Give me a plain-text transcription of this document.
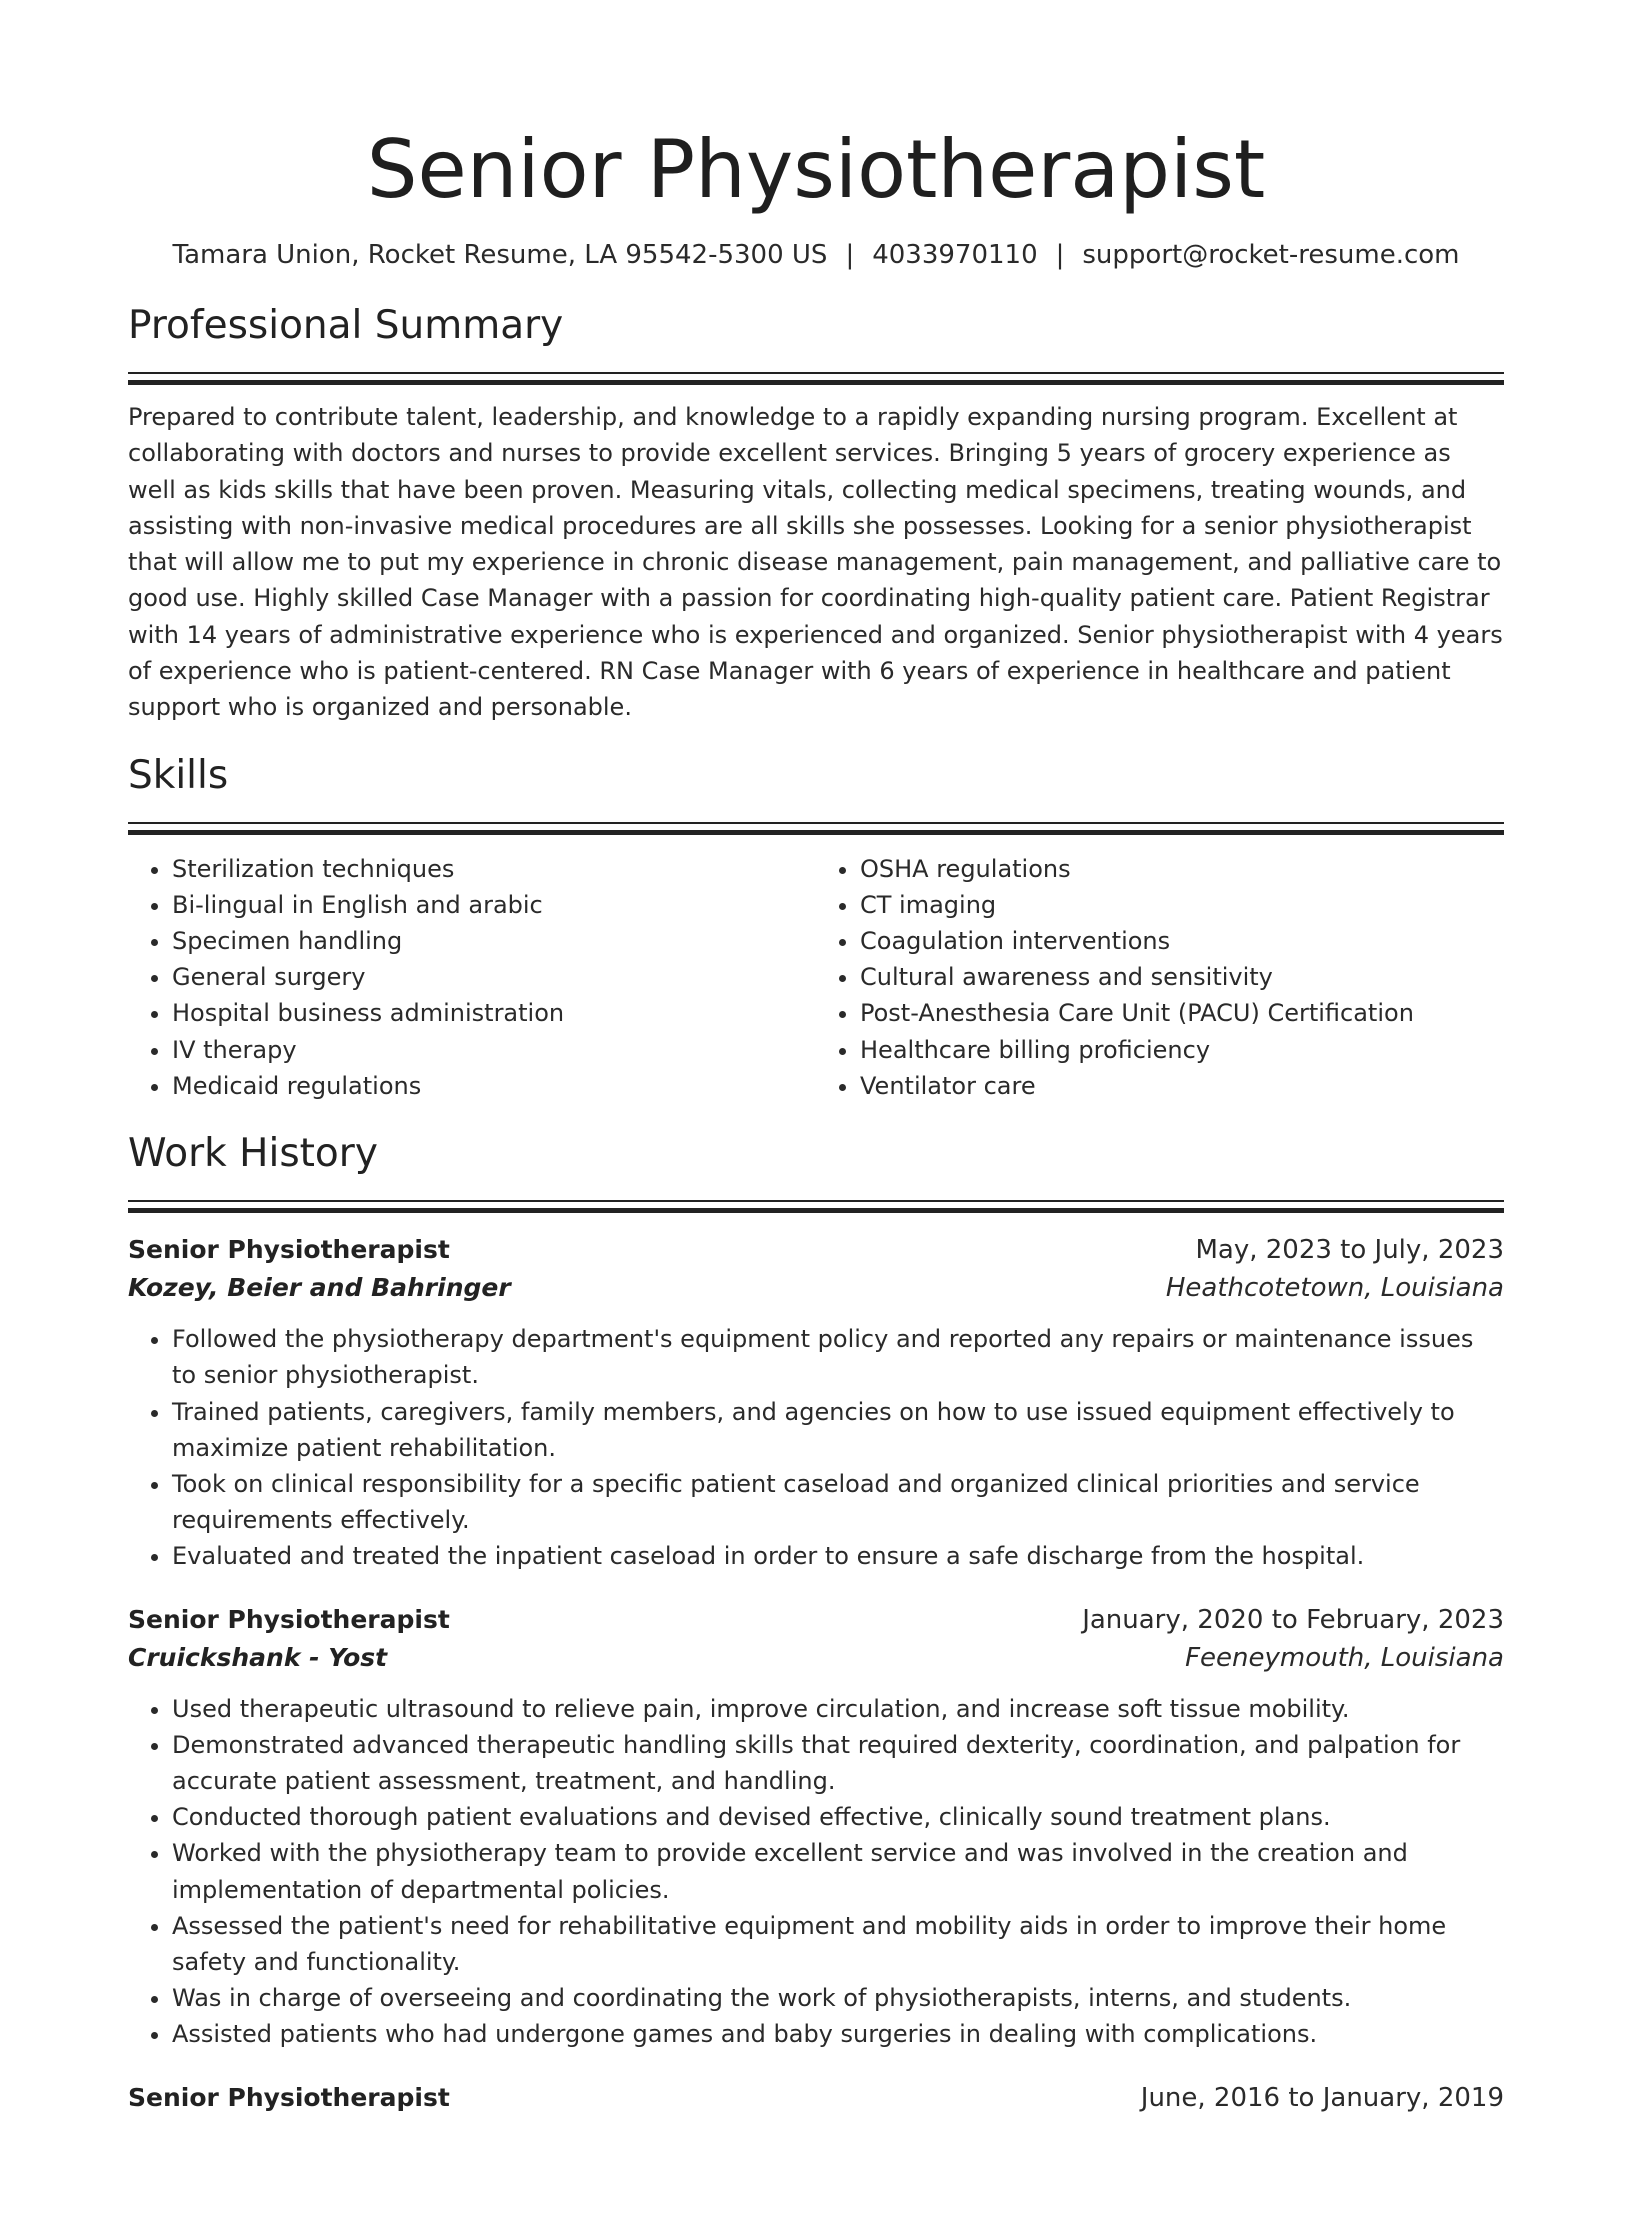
Senior Physiotherapist
Tamara Union, Rocket Resume, LA 95542-5300 US | 4033970110 | support@rocket-resume.com
Professional Summary

Prepared to contribute talent, leadership, and knowledge to a rapidly expanding nursing program. Excellent at collaborating with doctors and nurses to provide excellent services. Bringing 5 years of grocery experience as well as kids skills that have been proven. Measuring vitals, collecting medical specimens, treating wounds, and assisting with non-invasive medical procedures are all skills she possesses. Looking for a senior physiotherapist that will allow me to put my experience in chronic disease management, pain management, and palliative care to good use. Highly skilled Case Manager with a passion for coordinating high-quality patient care. Patient Registrar with 14 years of administrative experience who is experienced and organized. Senior physiotherapist with 4 years of experience who is patient-centered. RN Case Manager with 6 years of experience in healthcare and patient support who is organized and personable.

Skills
• Sterilization techniques
• Bi-lingual in English and arabic
• Specimen handling
• General surgery
• Hospital business administration
• IV therapy
• Medicaid regulations
• OSHA regulations
• CT imaging
• Coagulation interventions
• Cultural awareness and sensitivity
• Post-Anesthesia Care Unit (PACU) Certification
• Healthcare billing proficiency
• Ventilator care
Work History
Senior Physiotherapist	May, 2023 to July, 2023
Kozey, Beier and Bahringer	Heathcotetown, Louisiana
• Followed the physiotherapy department's equipment policy and reported any repairs or maintenance issues to senior physiotherapist.
• Trained patients, caregivers, family members, and agencies on how to use issued equipment effectively to maximize patient rehabilitation.
• Took on clinical responsibility for a specific patient caseload and organized clinical priorities and service requirements effectively.
• Evaluated and treated the inpatient caseload in order to ensure a safe discharge from the hospital.
Senior Physiotherapist	January, 2020 to February, 2023
Cruickshank - Yost	Feeneymouth, Louisiana
• Used therapeutic ultrasound to relieve pain, improve circulation, and increase soft tissue mobility.
• Demonstrated advanced therapeutic handling skills that required dexterity, coordination, and palpation for accurate patient assessment, treatment, and handling.
• Conducted thorough patient evaluations and devised effective, clinically sound treatment plans.
• Worked with the physiotherapy team to provide excellent service and was involved in the creation and implementation of departmental policies.
• Assessed the patient's need for rehabilitative equipment and mobility aids in order to improve their home safety and functionality.
• Was in charge of overseeing and coordinating the work of physiotherapists, interns, and students.
• Assisted patients who had undergone games and baby surgeries in dealing with complications.
Senior Physiotherapist	June, 2016 to January, 2019
